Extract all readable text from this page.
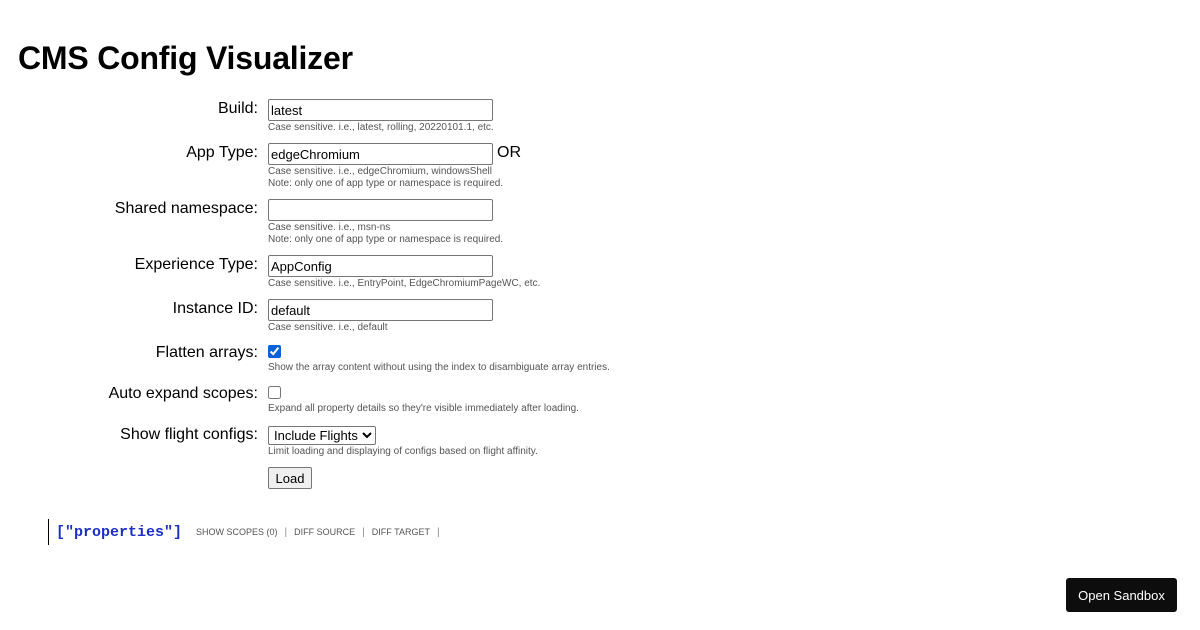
CMS Config Visualizer
Build:
latest

Case sensitive. i.e., latest, rolling, 20220101.1, etc.

App Type:
edgeChromium	OR

Case sensitive. i.e., edgeChromium, windowsShell

Note: only one of app type or namespace is required.

Shared namespace:

Case sensitive. i.e., msn-ns

Note: only one of app type or namespace is required.

Experience Type:
AppConfig

Case sensitive. i.e., EntryPoint, EdgeChromiumPageWC, etc.

Instance ID:
default

Case sensitive. i.e., default

Flatten arrays:

Show the array content without using the index to disambiguate array entries.

Auto expand scopes:

Expand all property details so they're visible immediately after loading.

Show flight configs:
Include Flights

Limit loading and displaying of configs based on flight affinity.

Load
["properties"] SHOW SCOPES (0) | DIFF SOURCE | DIFF TARGET |
Open Sandbox
